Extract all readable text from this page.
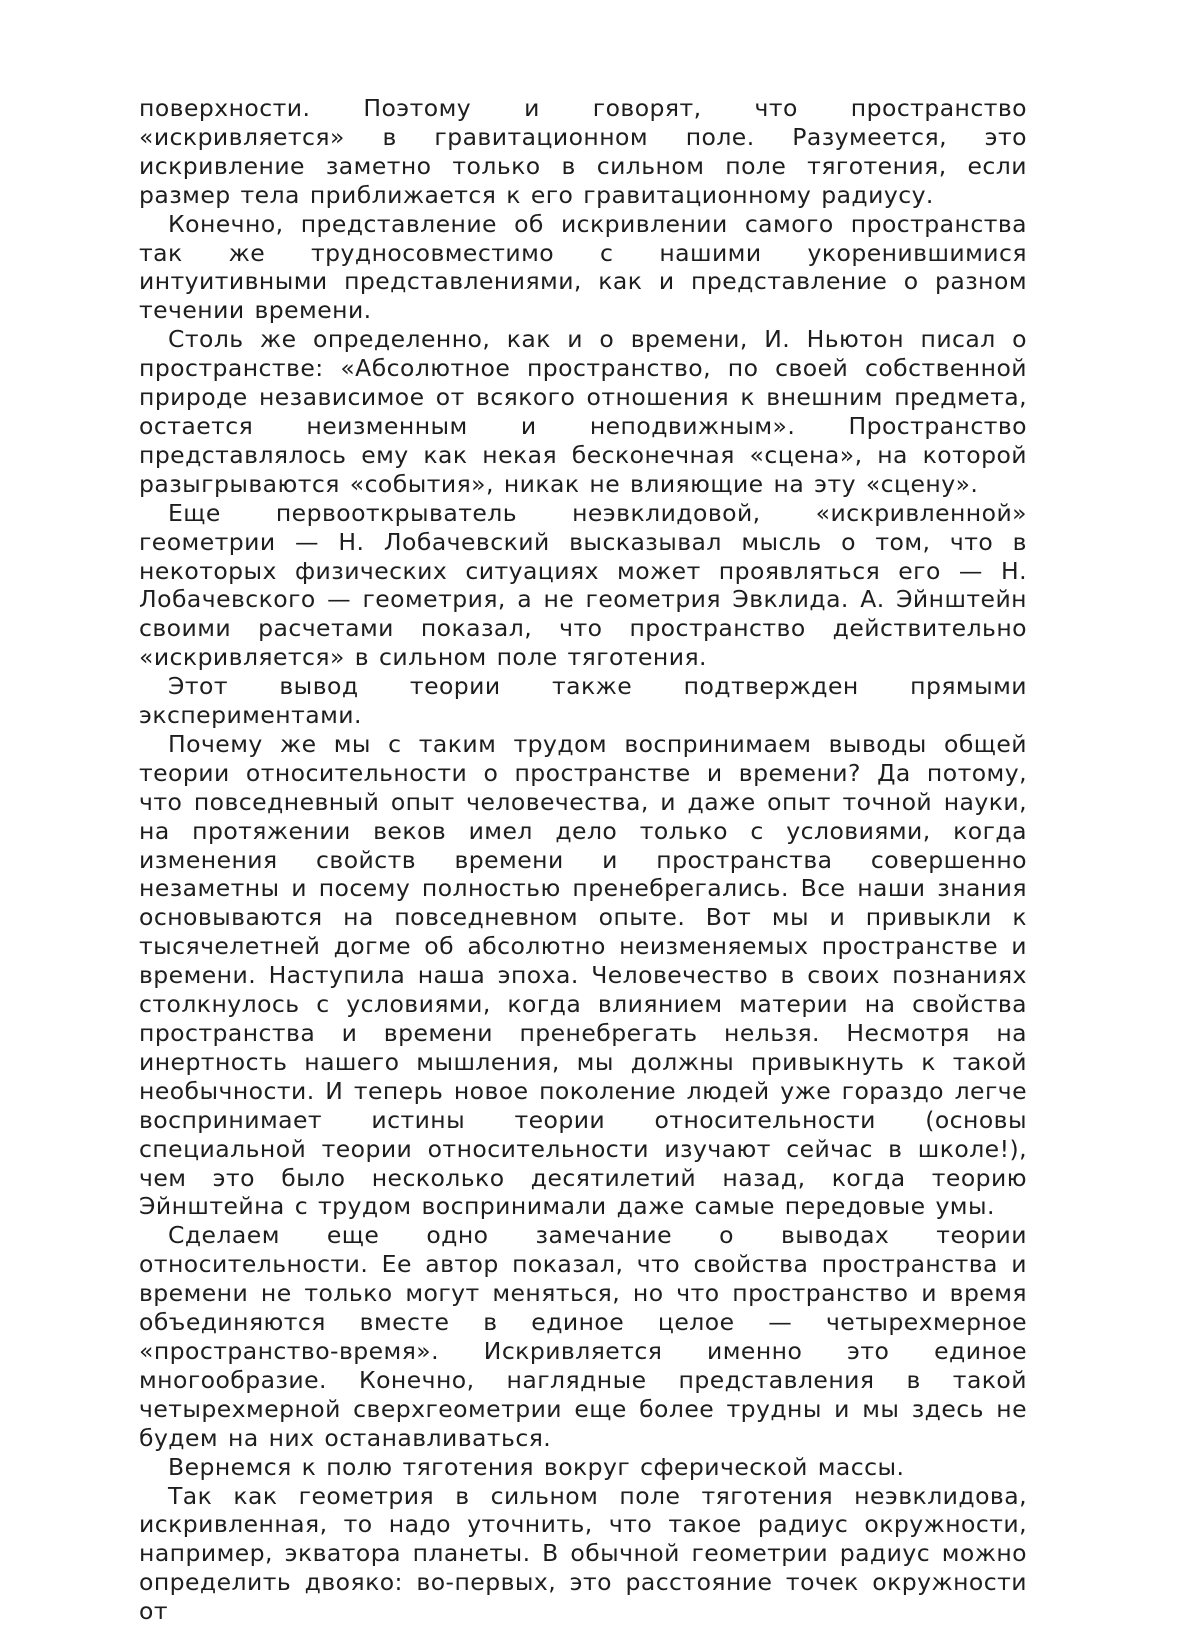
поверхности. Поэтому и говорят, что пространство «искривляется» в гравитационном поле. Разумеется, это искривление заметно только в сильном поле тяготения, если размер тела приближается к его гравитационному радиусу.

Конечно, представление об искривлении самого пространства так же трудносовместимо с нашими укоренившимися интуитивными представлениями, как и представление о разном течении времени.

Столь же определенно, как и о времени, И. Ньютон писал о пространстве: «Абсолютное пространство, по своей собственной природе независимое от всякого отношения к внешним предмета, остается неизменным и неподвижным». Пространство представлялось ему как некая бесконечная «сцена», на которой разыгрываются «события», никак не влияющие на эту «сцену».

Еще первооткрыватель неэвклидовой, «искривленной» геометрии — Н. Лобачевский высказывал мысль о том, что в некоторых физических ситуациях может проявляться его — Н. Лобачевского — геометрия, а не геометрия Эвклида. А. Эйнштейн своими расчетами показал, что пространство действительно «искривляется» в сильном поле тяготения.

Этот вывод теории также подтвержден прямыми экспериментами.

Почему же мы с таким трудом воспринимаем выводы общей теории относительности о пространстве и времени? Да потому, что повседневный опыт человечества, и даже опыт точной науки, на протяжении веков имел дело только с условиями, когда изменения свойств времени и пространства совершенно незаметны и посему полностью пренебрегались. Все наши знания основываются на повседневном опыте. Вот мы и привыкли к тысячелетней догме об абсолютно неизменяемых пространстве и времени. Наступила наша эпоха. Человечество в своих познаниях столкнулось с условиями, когда влиянием материи на свойства пространства и времени пренебрегать нельзя. Несмотря на инертность нашего мышления, мы должны привыкнуть к такой необычности. И теперь новое поколение людей уже гораздо легче воспринимает истины теории относительности (основы специальной теории относительности изучают сейчас в школе!), чем это было несколько десятилетий назад, когда теорию Эйнштейна с трудом воспринимали даже самые передовые умы.

Сделаем еще одно замечание о выводах теории относительности. Ее автор показал, что свойства пространства и времени не только могут меняться, но что пространство и время объединяются вместе в единое целое — четырехмерное «пространство-время». Искривляется именно это единое многообразие. Конечно, наглядные представления в такой четырехмерной сверхгеометрии еще более трудны и мы здесь не будем на них останавливаться.

Вернемся к полю тяготения вокруг сферической массы.

Так как геометрия в сильном поле тяготения неэвклидова, искривленная, то надо уточнить, что такое радиус окружности, например, экватора планеты. В обычной геометрии радиус можно определить двояко: во-первых, это расстояние точек окружности от
